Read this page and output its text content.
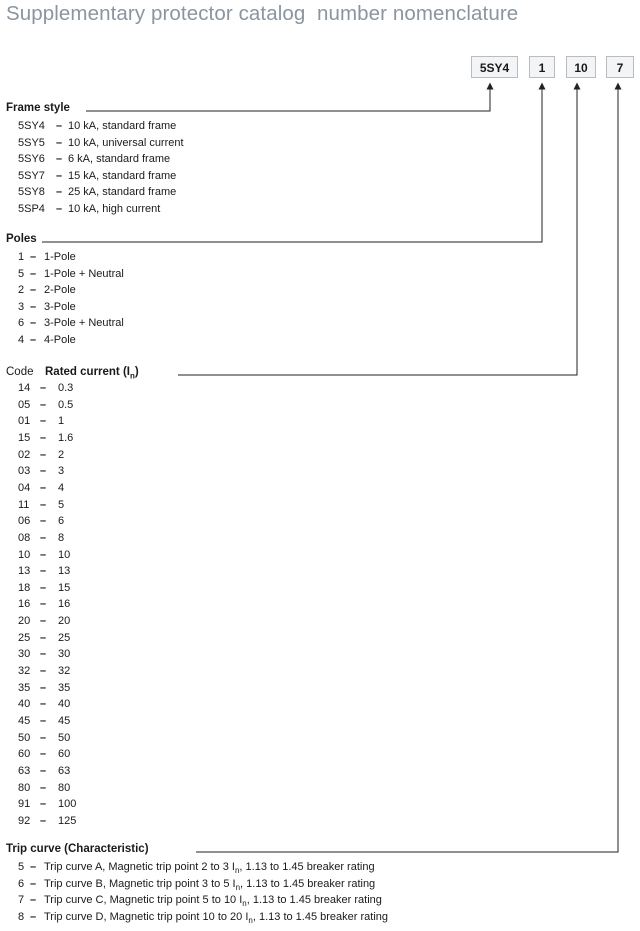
Supplementary protector catalog  number nomenclature
5SY4	1	10	7
Frame style
5SY4 – 10 kA, standard frame
5SY5 – 10 kA, universal current
5SY6 – 6 kA, standard frame
5SY7 – 15 kA, standard frame
5SY8 – 25 kA, standard frame
5SP4 – 10 kA, high current
Poles
1 – 1-Pole
5 – 1-Pole + Neutral
2 – 2-Pole
3 – 3-Pole
6 – 3-Pole + Neutral
4 – 4-Pole
Code Rated current $(I_n)$
14 – 0.3
05 – 0.5
01 – 1
15 – 1.6
02 – 2
03 – 3
04 – 4
11 – 5
06 – 6
08 – 8
10 – 10
13 – 13
18 – 15
16 – 16
20 – 20
25 – 25
30 – 30
32 – 32
35 – 35
40 – 40
45 – 45
50 – 50
60 – 60
63 – 63
80 – 80
91 – 100
92 – 125
Trip curve (Characteristic)
5 – Trip curve A, Magnetic trip point 2 to 3 $I_n$, 1.13 to 1.45 breaker rating
6 – Trip curve B, Magnetic trip point 3 to 5 $I_n$, 1.13 to 1.45 breaker rating
7 – Trip curve C, Magnetic trip point 5 to 10 $I_n$, 1.13 to 1.45 breaker rating
8 – Trip curve D, Magnetic trip point 10 to 20 $I_n$, 1.13 to 1.45 breaker rating
